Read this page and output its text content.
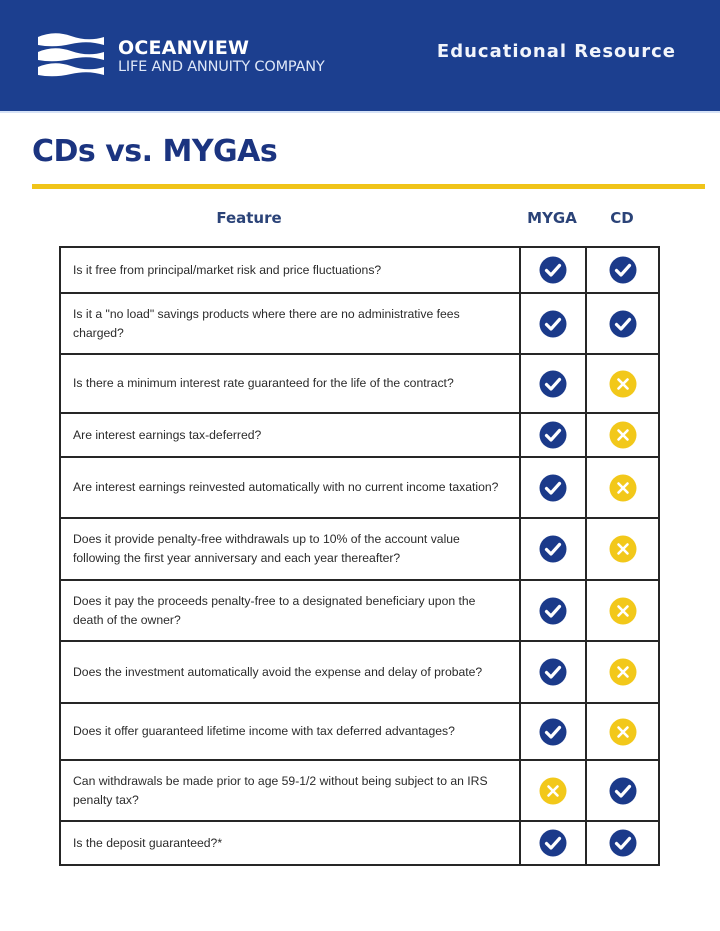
OCEANVIEW
LIFE AND ANNUITY COMPANY
Educational Resource
CDs vs. MYGAs
Feature	MYGA	CD
Is it free from principal/market risk and price fluctuations?
Is it a "no load" savings products where there are no administrative fees charged?
Is there a minimum interest rate guaranteed for the life of the contract?
Are interest earnings tax-deferred?
Are interest earnings reinvested automatically with no current income taxation?
Does it provide penalty-free withdrawals up to 10% of the account value following the first year anniversary and each year thereafter?
Does it pay the proceeds penalty-free to a designated beneficiary upon the death of the owner?
Does the investment automatically avoid the expense and delay of probate?
Does it offer guaranteed lifetime income with tax deferred advantages?
Can withdrawals be made prior to age 59-1/2 without being subject to an IRS penalty tax?
Is the deposit guaranteed?*
